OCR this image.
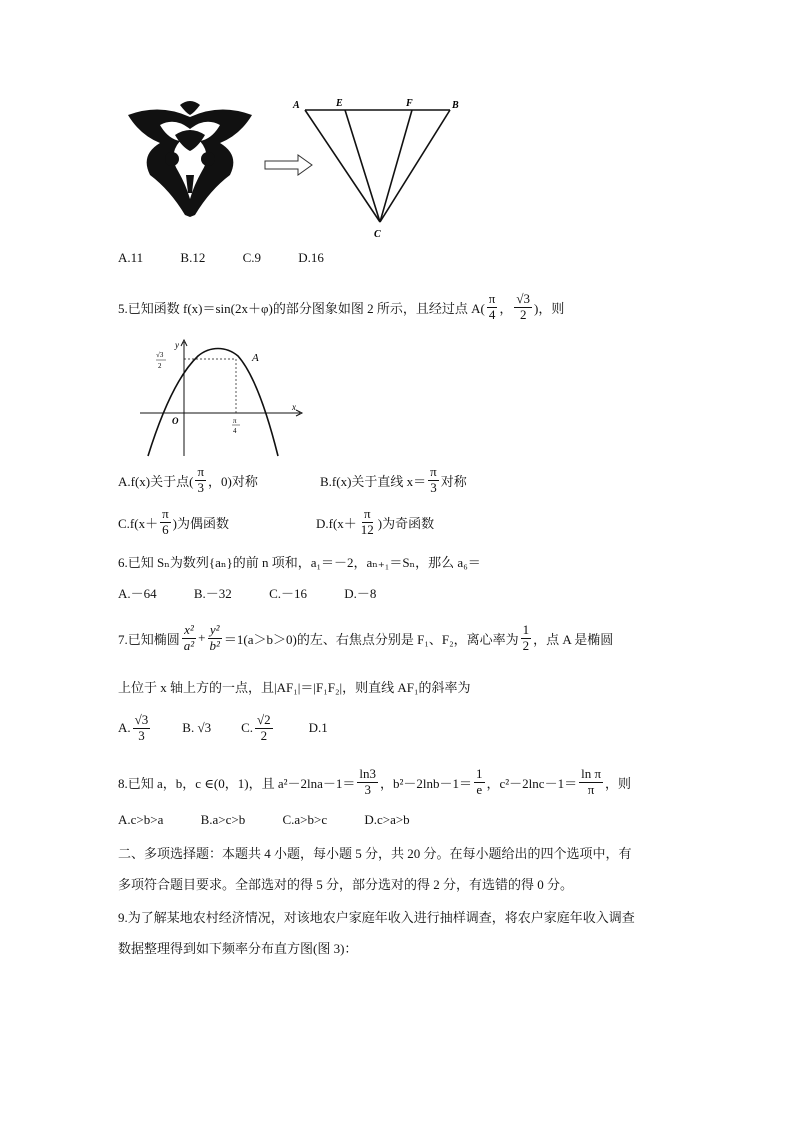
A	E	F	B
C
A.11	B.12	C.9	D.16
5.已知函数 f(x)＝sin(2x＋φ)的部分图象如图 2 所示，且经过点 $A( \frac{\pi}{4}$ ， $\frac{√3}{2}$ )，则
√3
2
π
4
y
x
O
A
A.f(x)关于点( $\frac{\pi}{3}$ ，0)对称	B.f(x)关于直线 $x= \frac{\pi}{3}$ 对称
$C.f(x+ \frac{\pi}{6}$ )为偶函数	$D.f(x+ \frac{\pi}{12}$ )为奇函数
6.已知 Sₙ为数列{aₙ}的前 n 项和，a₁＝－2，aₙ₊₁＝Sₙ，那么 a₆＝
A.－64	B.－32	C.－16	D.－8
7.已知椭圆 $\frac{\text{x²}}{\text{a²}} + \frac{\text{y²}}{\text{b²}} =1(a>b>0)$ 的左、右焦点分别是 F₁、F₂，离心率为 $\frac{1}{2}$ ，点 A 是椭圆
上位于 x 轴上方的一点，且|AF₁|＝|F₁F₂|，则直线 AF₁的斜率为
A. $\frac{√3}{3} B$. √3 C. $\frac{√2}{2}$	D.1
8.已知 a，b，c ∈(0，1)，且 $a^2-2\ln a-1= \frac{\ln 3}{3}$ ，$b^2-2\ln b-1= \frac{1}{e}$ ，$c^2-2\ln c-1= \frac{\text{ln π}}{\pi}$ ，则
A.c>b>a	B.a>c>b	C.a>b>c	D.c>a>b
二、多项选择题：本题共 4 小题，每小题 5 分，共 20 分。在每小题给出的四个选项中，有
多项符合题目要求。全部选对的得 5 分，部分选对的得 2 分，有选错的得 0 分。
9.为了解某地农村经济情况，对该地农户家庭年收入进行抽样调查，将农户家庭年收入调查
数据整理得到如下频率分布直方图(图 3)：
